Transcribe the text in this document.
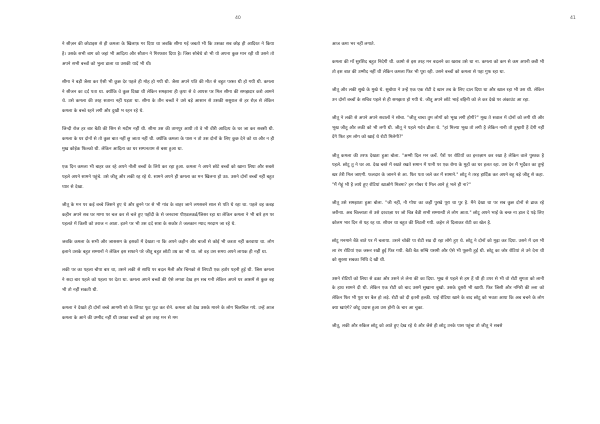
40

ने सीज़न की छोटाइस से ही कमला के खिलाफ़ गर दिया था जबकि सीमा गई जबतो भी कि उसका सब छोड़ ही आदिरत ने किया है। उसके सभी बाग को जहां भी आदित्य और सौतान ने गिरफ्तार दिया है। जिस सोचेथे वो भी यो अपना कुछ मान रही थी उसने तो अपने सभी बच्चों को भुला डाला था उसकी यादें भी थी।

सीमा ने बड़ी जैसा कर ऐसी भी कुछ देर पहले ही मोह हो गयी थी. जैसा अपने पति की मौत से बहुत परस्त थी हो गयी थी. कमला ने सीजन का दर्द पता था. क्योंकि वे कुछ दिखा थी लेकिन समझाना ही कृपा से वे आपस पर मिल सीमा की समझदार करो आमने थे. उसे कमला की तरह सताना नहीं पड़ता था. सीमा के तीन बच्चों ने उसे बड़े आसान से उसकी ससुराल से हर रोज़ से लेकिन कमला के बच्चे रहने लगी और दुखी भ रहन रहे थे.

जिन्दी रोज हर बार बैठी की सिम से मदीम नहीं थी. सीमा उस की तामपुर आयी तो वे भी वीरी आदित्य के घर जा कर सबसी थी. कमला के घर दोनों से तो कुछ बात नहीं छू जाता नहीं थी. क्योंकि कमला के पास न तो उस दोनों के लिए कुछ देने को था और न ही मुख कोईक फिल्को थी. लेकिन आदित्य का घर सम्पनताम से बसा हुआ था.

एक दिन कमला भी बाहर कर रहे अपने नौली बच्चों के लिये कर रहा हुआ. कमला ने अपने छोटे बच्चों को खाना लिया और सबसे पहले अपने सामने पहुंचे. उसे जीतू और लकी रह रहे थे. सामने अपने ही कमला का मन खिलना हो उठ. उसने दोनों बच्चों नहीं बहुत प्यार से देखा.

जीतू के मन पर कई बच्चे जिसने हुए थे और ब्रुनने पर से भी गांव के बाहर जाने लगसबने साल से पति थे रहा था. पहले वह कबड़ कहीन अपने सब घर मामा पर चल कर से चले हुए पहोंदी के से जनवाना पीएडलकर्ड/जिसर रहा था लेकिन कमला ने भी बारे हम पर पहलते में किसी को तराज न आता. इतने पर भी उस दर्द सारा के सकोर ते जलकान म्याद मरदाम जा रहे थे.

जबकि कमला के सभी और जाससम के इसकों में देखता ना कि अपने कहीन और बाजों से कोई भी करता नहीं करवाया था. लोग इलाने उसके बहुत सम्मानों ने लेकिन इस सफाने परे जीतू बहुत छोटी उम्र का भी था. जो वह उस समय अपने लायक ही नहीं था.

लकी पर का पहला चौपा बार था, उसने लकी से साथि पर बदल मैली और चिमको से लिपटी एक हतोर पहनी हुई थी. जिस कमला ने सदा बार पहले को पहला पर देता था. कमला अपने बच्चों की ऐसे लगवा देख हम सब गनी लेकिन अपने घर आसमें से कुछ बह भी तो नहीं सकती थी.

कमला ने देखते ही दोनों बच्चे आगमी सो के लिपट फूट फूट कर रोने. कमला को देख उसके मारने के लोग चिलचिल गये. उन्हें आज कमला के आने की उम्मीद नहीं थी उसका बच्चों को इस तरह मन से मम

41

आज कमा भर नहीं लगाते.

कमला की माँ सुरशिद बहुत निदेगी थी. कामो से इस तरह मन बदलने का खराब उसे था ना. कमला को कम से कम अपनी छत्री भी तो इस बात की उम्मीद नहीं थी लेकिन कमला फिर भी पूरा रही. उसने बच्चों को कमला से पहा गुफ रहा था.

जीतू और लकी सुखे के मुखे थे. सुबोधा ने उन्हें एक एक रोटी दे खान तब के लिए दाल दिया था और खाल रहा भी उस थी. लेकिन उन दोनों बच्चों के सचिव पहले से ही समझता हो गयी थे. जीतू अपने छोटे भाई बहिनी को ले कर देखे पर अंकाउंट आ रहा.

जीतू ने लकी से अपने अपने सवालों ने सोचा. "जीतू चाचा तुम लोगों को भूख लगी होगी?" मूख ते सवाल में दोनों को लगी थी और भूख जीतू और लकी को भी लगी थी. जीतू ने पहले गर्दन ढीला थे. "हां मिल्या भूख तो लगी है लेकिन नानी तो तुम्हारी हैं देंगी नहीं देंगे फिर हम लोग को खाई थे रोटी मिलेगी?"

जीतू कमला की तरफ देखता हुआ बोला. "अम्मी दिल मन कर्चे. पैरों पर रोटियों का इन्तज़ाम कर रखा है लेकिन वाले पुस्तक है पहले. छोटू तु ने घर आ. देख बस्ते में रखते रखते समान में पानी पर एक रोमा के मुहों का घर हलत रहा. उस देन मैं भूर्देवत का तुम्हे खर तेरी मिल जाएगी. फलदार के जानने से आ. फिर पता जले कर में सामाने." छोटू ने तरह हार्दिक कर अपने बहु बड़े जीतू से कहा. "मैं गेहूं भी है लाये हूए रोटियां खाओगे मित्रमा? हम गोबर ये मिल आने हूं भले ही ना?"

जीतू उसे समझाता हुआ बोला. "जी नहीं, नौ गोपा का कहीं पुरखे पूरा था पुर है. मैंने देखा था पर सब कुछ दोनों से ढाक रहे जरीनाा. अब चिल्लाता से उसे दरवाज़ा पर जो चित्र बैठी सभी सम्मान्धी ले लोग आता." छोटू अपने भाई के बन्छ ना ड़ाल दे पढ़े लिए कोलम भार दिन से यह रह था. सौधन था बहुत की लिटली गयी. कहेन ले दिलाकर रोटी का खेल है.

छोटू मनमाने बैठे बाते पर में चलाया. उसने चोकी पा रोटी रख दी रहा लोगे हुए थे. छोटू ने दोनों को मूढ़ा कर दिया. उसने में दस भी ला रंग रोटियां एक जरूर रखी हुई फिर गयी. बैठी बैठ सम्बि यसमी और ऐसे भी पूछनी हुई थी. छोटू का जोर रोटियां ले उने देना थी को सुरसा सबका निधि दे खी थी.

उसने रोटियों को लिया से ढका और उसने ले लेना की का दिया. भूख से पहले से हम हैं थी ही उपर से भी वो रोटी सुगता को लानी के हाथ सामने दी थी. लेकिन एक रोटी को बाद उसमें सुखाना बुखो. उसके दूसरी भी खायी. फिर जिसी और नमिरी की ल्ला को लेकिन फिर भी पूरा घर बैल हो लड़े. रोटी को दी इतनी हल्की. पाई रोटिया खाने के बाद छोटू को भवता आया कि अब बचने के लोग क्या खाएंगे? छोटू उदास हुआ उस होनी के चार आ चुका.

जीतू, लकी और रुकिल छोटू को आते हुए देख रहे थे और जैसे ही छोटू उनके पास पहुंचा तो जीतू ने सबसे
